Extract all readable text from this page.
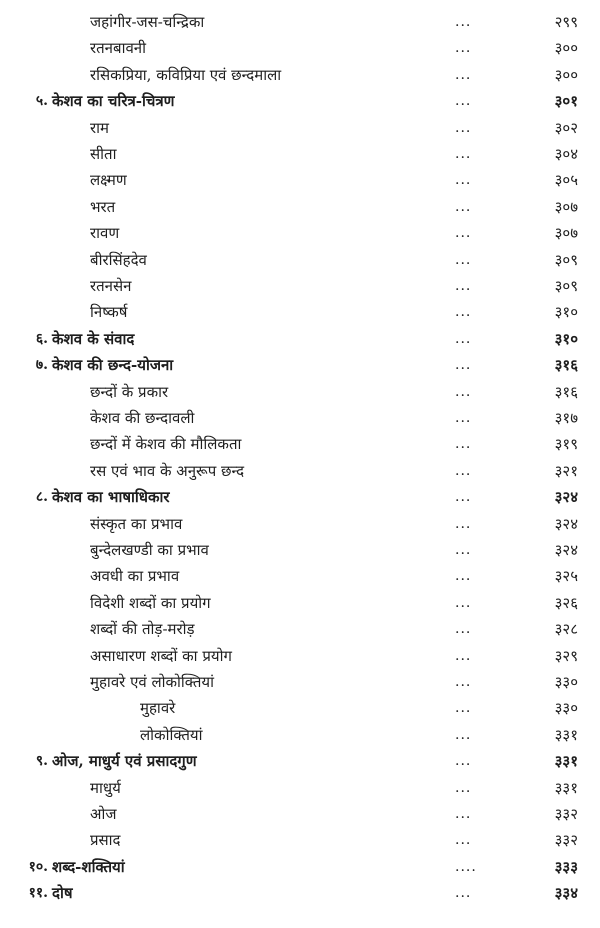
जहांगीर-जस-चन्द्रिका	...	२९९
रतनबावनी	...	३००
रसिकप्रिया, कविप्रिया एवं छन्दमाला	...	३००
५. केशव का चरित्र-चित्रण	...	३०१
राम	...	३०२
सीता	...	३०४
लक्ष्मण	...	३०५
भरत	...	३०७
रावण	...	३०७
बीरसिंहदेव	...	३०९
रतनसेन	...	३०९
निष्कर्ष	...	३१०
६. केशव के संवाद	...	३१०
७. केशव की छन्द-योजना	...	३१६
छन्दों के प्रकार	...	३१६
केशव की छन्दावली	...	३१७
छन्दों में केशव की मौलिकता	...	३१९
रस एवं भाव के अनुरूप छन्द	...	३२१
८. केशव का भाषाधिकार	...	३२४
संस्कृत का प्रभाव	...	३२४
बुन्देलखण्डी का प्रभाव	...	३२४
अवधी का प्रभाव	...	३२५
विदेशी शब्दों का प्रयोग	...	३२६
शब्दों की तोड़-मरोड़	...	३२८
असाधारण शब्दों का प्रयोग	...	३२९
मुहावरे एवं लोकोक्तियां	...	३३०
मुहावरे	...	३३०
लोकोक्तियां	...	३३१
९. ओज, माधुर्य एवं प्रसादगुण	...	३३१
माधुर्य	...	३३१
ओज	...	३३२
प्रसाद	...	३३२
१०. शब्द-शक्तियां	....	३३३
११. दोष	...	३३४
